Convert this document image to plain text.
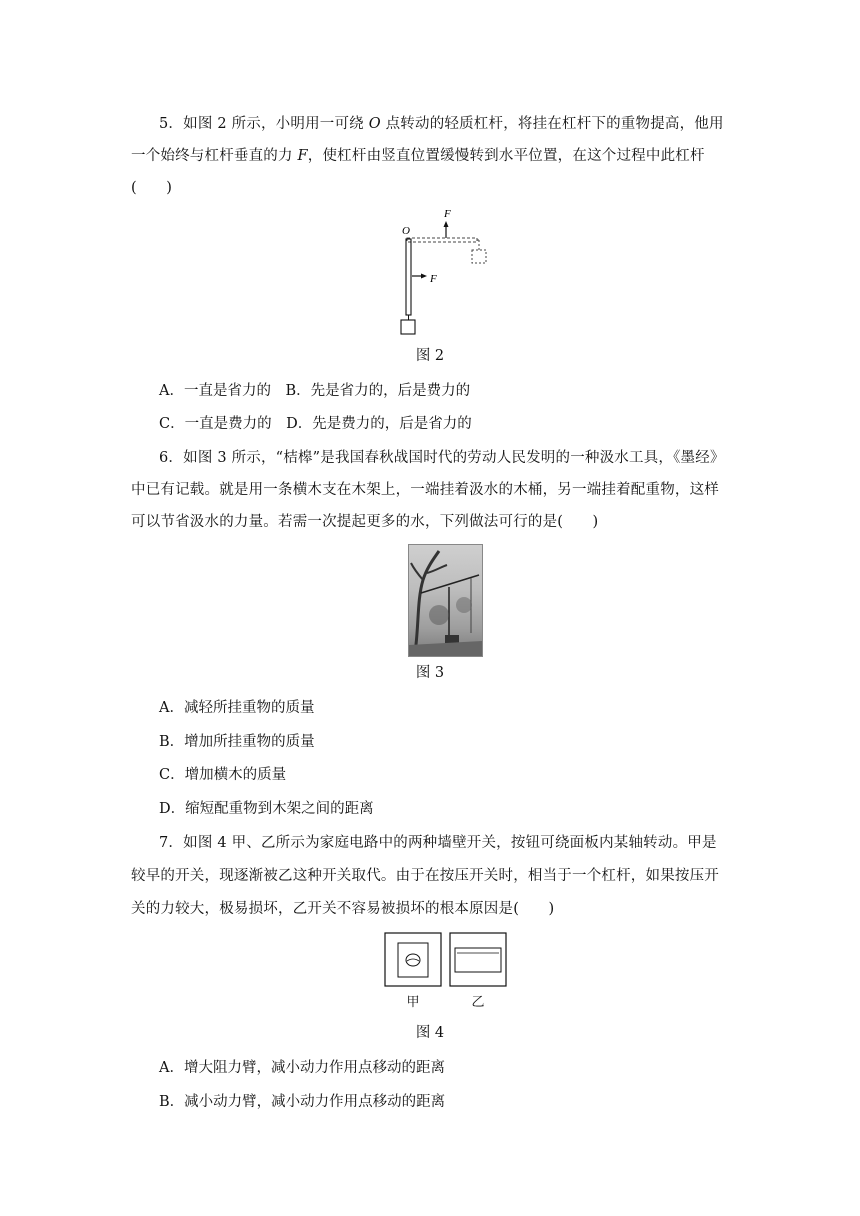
5．如图 2 所示，小明用一可绕 O 点转动的轻质杠杆，将挂在杠杆下的重物提高，他用
一个始终与杠杆垂直的力 F，使杠杆由竖直位置缓慢转到水平位置，在这个过程中此杠杆
(　　)
F
O
F
图 2
A．一直是省力的　B．先是省力的，后是费力的
C．一直是费力的　D．先是费力的，后是省力的
6．如图 3 所示，“桔槔”是我国春秋战国时代的劳动人民发明的一种汲水工具，《墨经》
中已有记载。就是用一条横木支在木架上，一端挂着汲水的木桶，另一端挂着配重物，这样
可以节省汲水的力量。若需一次提起更多的水，下列做法可行的是(　　)
图 3
A．减轻所挂重物的质量
B．增加所挂重物的质量
C．增加横木的质量
D．缩短配重物到木架之间的距离
7．如图 4 甲、乙所示为家庭电路中的两种墙壁开关，按钮可绕面板内某轴转动。甲是
较早的开关，现逐渐被乙这种开关取代。由于在按压开关时，相当于一个杠杆，如果按压开
关的力较大，极易损坏，乙开关不容易被损坏的根本原因是(　　)
甲	乙
图 4
A．增大阻力臂，减小动力作用点移动的距离
B．减小动力臂，减小动力作用点移动的距离
